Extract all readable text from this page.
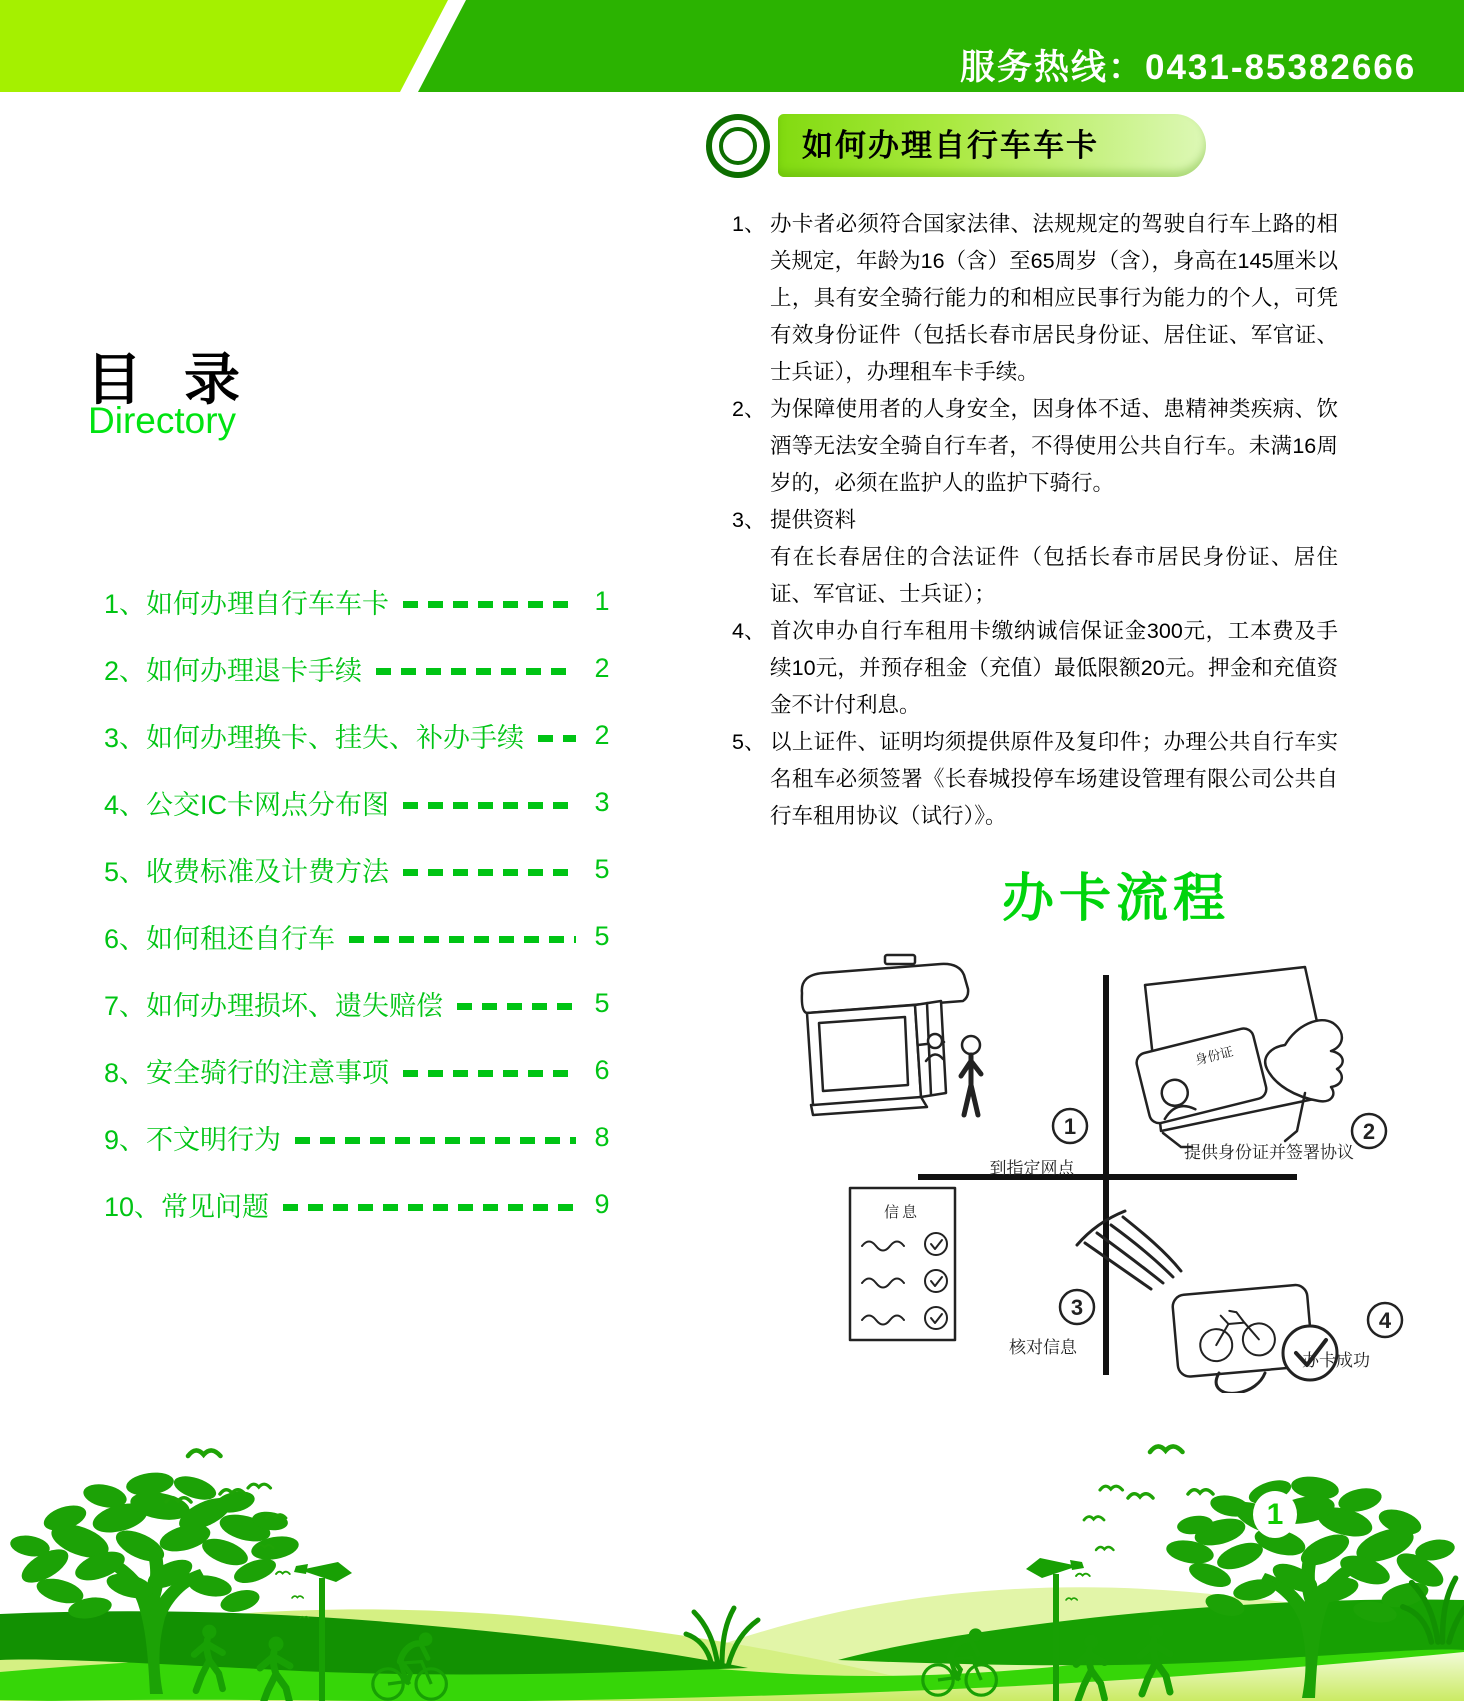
服务热线：0431-85382666
如何办理自行车车卡
目 录
Directory
1、如何办理自行车车卡	1
2、如何办理退卡手续	2
3、如何办理换卡、挂失、补办手续	2
4、公交IC卡网点分布图	3
5、收费标准及计费方法	5
6、如何租还自行车	5
7、如何办理损坏、遗失赔偿	5
8、安全骑行的注意事项	6
9、不文明行为	8
10、常见问题	9
1、 办卡者必须符合国家法律、法规规定的驾驶自行车上路的相关规定，年龄为16（含）至65周岁（含），身高在145厘米以上，具有安全骑行能力的和相应民事行为能力的个人，可凭有效身份证件（包括长春市居民身份证、居住证、军官证、士兵证），办理租车卡手续。
2、 为保障使用者的人身安全，因身体不适、患精神类疾病、饮酒等无法安全骑自行车者，不得使用公共自行车。未满16周岁的，必须在监护人的监护下骑行。
3、 提供资料
有在长春居住的合法证件（包括长春市居民身份证、居住证、军官证、士兵证）；
4、 首次申办自行车租用卡缴纳诚信保证金300元，工本费及手续10元，并预存租金（充值）最低限额20元。押金和充值资金不计付利息。
5、 以上证件、证明均须提供原件及复印件；办理公共自行车实名租车必须签署《长春城投停车场建设管理有限公司公共自行车租用协议（试行）》。
办卡流程
1
到指定网点
身份证
2
提供身份证并签署协议
信息
3
核对信息
4
办卡成功
1
